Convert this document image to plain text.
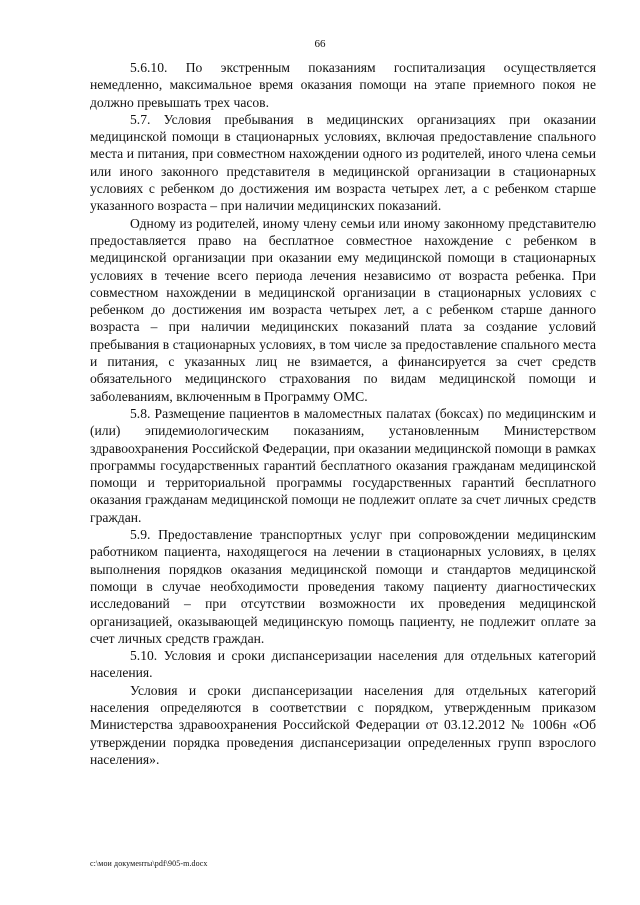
66

5.6.10. По экстренным показаниям госпитализация осуществляется немедленно, максимальное время оказания помощи на этапе приемного покоя не должно превышать трех часов.

5.7. Условия пребывания в медицинских организациях при оказании медицинской помощи в стационарных условиях, включая предоставление спального места и питания, при совместном нахождении одного из родителей, иного члена семьи или иного законного представителя в медицинской организации в стационарных условиях с ребенком до достижения им возраста четырех лет, а с ребенком старше указанного возраста – при наличии медицинских показаний.

Одному из родителей, иному члену семьи или иному законному представителю предоставляется право на бесплатное совместное нахождение с ребенком в медицинской организации при оказании ему медицинской помощи в стационарных условиях в течение всего периода лечения независимо от возраста ребенка. При совместном нахождении в медицинской организации в стационарных условиях с ребенком до достижения им возраста четырех лет, а с ребенком старше данного возраста – при наличии медицинских показаний плата за создание условий пребывания в стационарных условиях, в том числе за предоставление спального места и питания, с указанных лиц не взимается, а финансируется за счет средств обязательного медицинского страхования по видам медицинской помощи и заболеваниям, включенным в Программу ОМС.

5.8. Размещение пациентов в маломестных палатах (боксах) по медицинским и (или) эпидемиологическим показаниям, установленным Министерством здравоохранения Российской Федерации, при оказании медицинской помощи в рамках программы государственных гарантий бесплатного оказания гражданам медицинской помощи и территориальной программы государственных гарантий бесплатного оказания гражданам медицинской помощи не подлежит оплате за счет личных средств граждан.

5.9. Предоставление транспортных услуг при сопровождении медицинским работником пациента, находящегося на лечении в стационарных условиях, в целях выполнения порядков оказания медицинской помощи и стандартов медицинской помощи в случае необходимости проведения такому пациенту диагностических исследований – при отсутствии возможности их проведения медицинской организацией, оказывающей медицинскую помощь пациенту, не подлежит оплате за счет личных средств граждан.

5.10. Условия и сроки диспансеризации населения для отдельных категорий населения.

Условия и сроки диспансеризации населения для отдельных категорий населения определяются в соответствии с порядком, утвержденным приказом Министерства здравоохранения Российской Федерации от 03.12.2012 № 1006н «Об утверждении порядка проведения диспансеризации определенных групп взрослого населения».

c:\мои документы\pdf\905-m.docx
